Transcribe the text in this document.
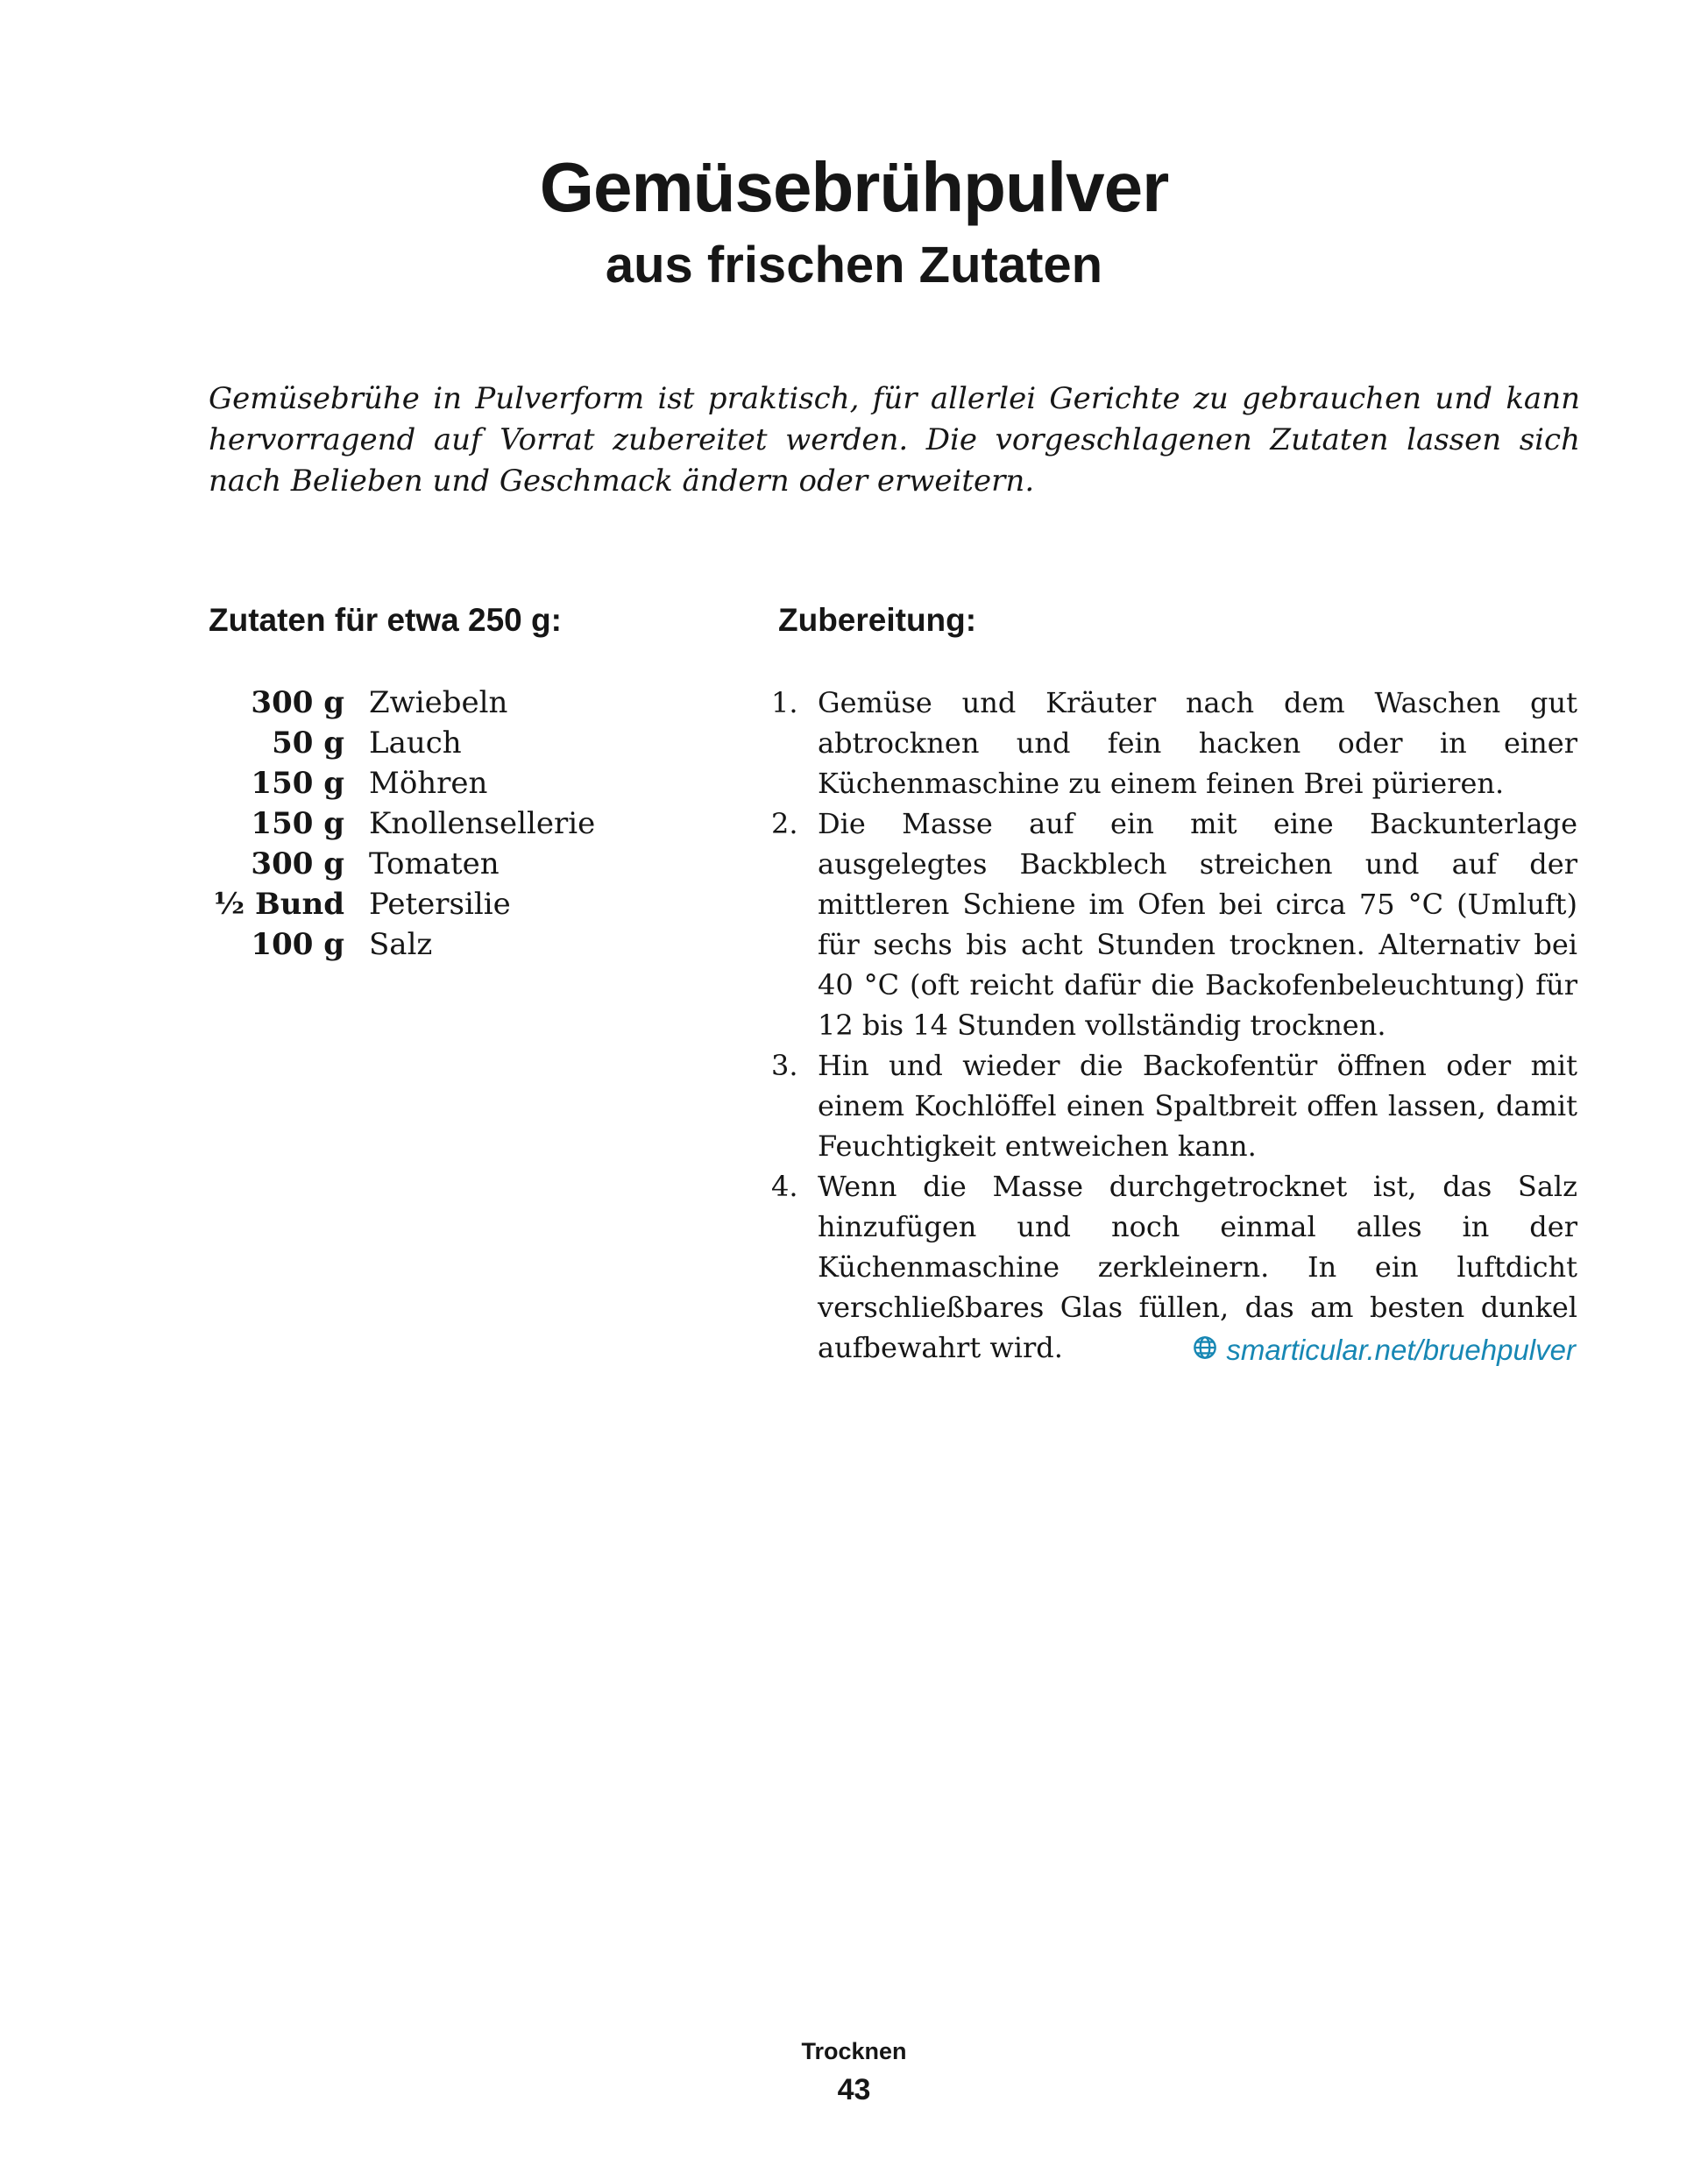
Gemüsebrühpulver
aus frischen Zutaten

Gemüsebrühe in Pulverform ist praktisch, für allerlei Gerichte zu gebrauchen und kann hervorragend auf Vorrat zubereitet werden. Die vorgeschlagenen Zutaten lassen sich nach Belieben und Geschmack ändern oder erweitern.

Zutaten für etwa 250 g:	Zubereitung:
300 g Zwiebeln
50 g Lauch
150 g Möhren
150 g Knollensellerie
300 g Tomaten
½ Bund Petersilie
100 g Salz
1. Gemüse und Kräuter nach dem Waschen gut abtrocknen und fein hacken oder in einer Küchenmaschine zu einem feinen Brei pürieren.
2. Die Masse auf ein mit eine Backunterlage ausgelegtes Backblech streichen und auf der mittleren Schiene im Ofen bei circa 75 °C (Umluft) für sechs bis acht Stunden trocknen. Alternativ bei 40 °C (oft reicht dafür die Backofenbeleuchtung) für 12 bis 14 Stunden vollständig trocknen.
3. Hin und wieder die Backofentür öffnen oder mit einem Kochlöffel einen Spaltbreit offen lassen, damit Feuchtigkeit entweichen kann.
4. Wenn die Masse durchgetrocknet ist, das Salz hinzufügen und noch einmal alles in der Küchenmaschine zerkleinern. In ein luftdicht verschließbares Glas füllen, das am besten dunkel aufbewahrt wird.	smarticular.net/bruehpulver
Trocknen
43
